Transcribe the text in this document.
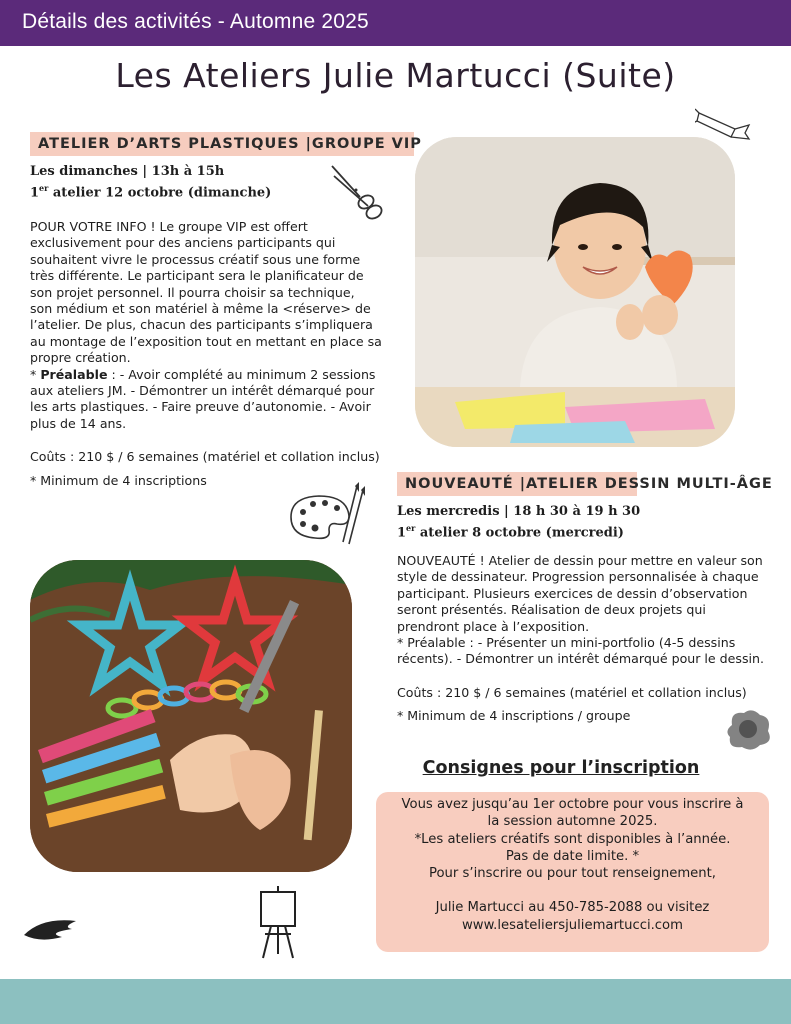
Détails des activités - Automne 2025
Les Ateliers Julie Martucci (Suite)
ATELIER D’ARTS PLASTIQUES |GROUPE VIP
Les dimanches | 13h à 15h
1er atelier 12 octobre (dimanche)

POUR VOTRE INFO ! Le groupe VIP est offert

exclusivement pour des anciens participants qui

souhaitent vivre le processus créatif sous une forme

très différente. Le participant sera le planificateur de

son projet personnel. Il pourra choisir sa technique,

son médium et son matériel à même la <réserve> de

l’atelier. De plus, chacun des participants s’impliquera

au montage de l’exposition tout en mettant en place sa

propre création.

* Préalable : - Avoir complété au minimum 2 sessions

aux ateliers JM. - Démontrer un intérêt démarqué pour

les arts plastiques. - Faire preuve d’autonomie. - Avoir

plus de 14 ans.

Coûts : 210 $ / 6 semaines (matériel et collation inclus)

* Minimum de 4 inscriptions	NOUVEAUTÉ |ATELIER DESSIN MULTI-ÂGE
Les mercredis | 18 h 30 à 19 h 30
1er atelier 8 octobre (mercredi)

NOUVEAUTÉ ! Atelier de dessin pour mettre en valeur son

style de dessinateur. Progression personnalisée à chaque

participant. Plusieurs exercices de dessin d’observation

seront présentés. Réalisation de deux projets qui

prendront place à l’exposition.

* Préalable : - Présenter un mini-portfolio (4-5 dessins

récents). - Démontrer un intérêt démarqué pour le dessin.

Coûts : 210 $ / 6 semaines (matériel et collation inclus)

* Minimum de 4 inscriptions / groupe

Consignes pour l’inscription

Vous avez jusqu’au 1er octobre pour vous inscrire à

la session automne 2025.

*Les ateliers créatifs sont disponibles à l’année.

Pas de date limite. *

Pour s’inscrire ou pour tout renseignement,

Julie Martucci au 450-785-2088 ou visitez

www.lesateliersjuliemartucci.com
